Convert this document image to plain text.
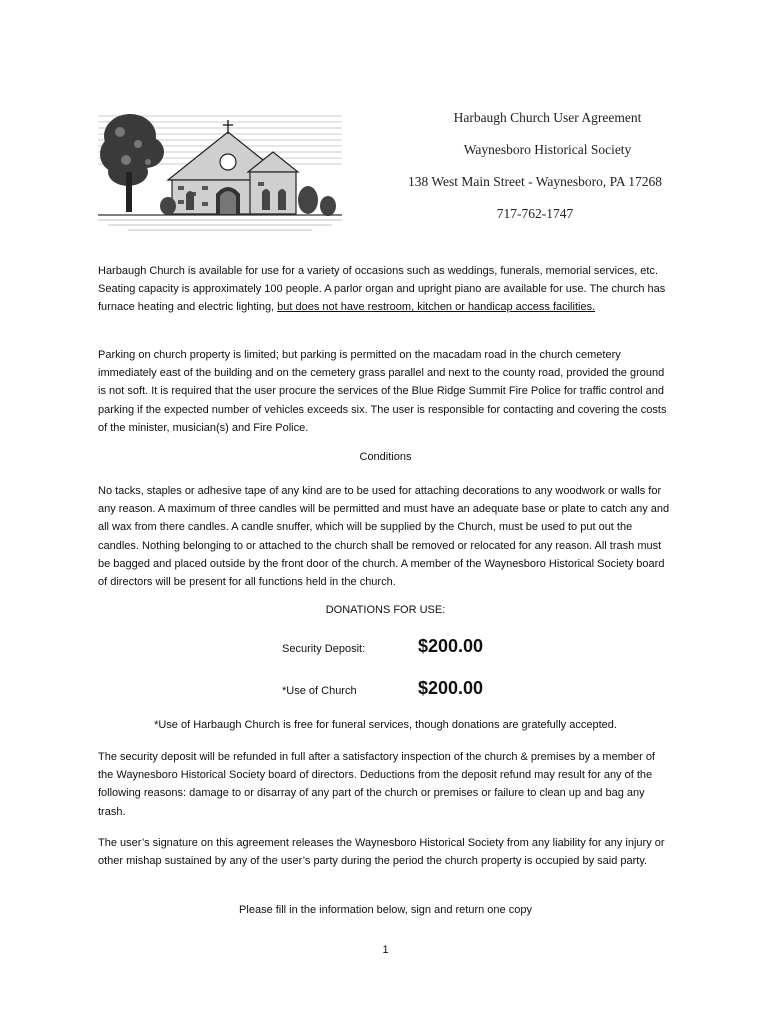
Harbaugh Church User Agreement
Waynesboro Historical Society
138 West Main Street - Waynesboro, PA 17268
717-762-1747
Harbaugh Church is available for use for a variety of occasions such as weddings, funerals, memorial services, etc. Seating capacity is approximately 100 people. A parlor organ and upright piano are available for use. The church has furnace heating and electric lighting, but does not have restroom, kitchen or handicap access facilities.
Parking on church property is limited; but parking is permitted on the macadam road in the church cemetery immediately east of the building and on the cemetery grass parallel and next to the county road, provided the ground is not soft. It is required that the user procure the services of the Blue Ridge Summit Fire Police for traffic control and parking if the expected number of vehicles exceeds six. The user is responsible for contacting and covering the costs of the minister, musician(s) and Fire Police.
Conditions
No tacks, staples or adhesive tape of any kind are to be used for attaching decorations to any woodwork or walls for any reason. A maximum of three candles will be permitted and must have an adequate base or plate to catch any and all wax from there candles. A candle snuffer, which will be supplied by the Church, must be used to put out the candles. Nothing belonging to or attached to the church shall be removed or relocated for any reason. All trash must be bagged and placed outside by the front door of the church. A member of the Waynesboro Historical Society board of directors will be present for all functions held in the church.
DONATIONS FOR USE:
Security Deposit:	$200.00
*Use of Church	$200.00
*Use of Harbaugh Church is free for funeral services, though donations are gratefully accepted.
The security deposit will be refunded in full after a satisfactory inspection of the church & premises by a member of the Waynesboro Historical Society board of directors. Deductions from the deposit refund may result for any of the following reasons: damage to or disarray of any part of the church or premises or failure to clean up and bag any trash.
The user’s signature on this agreement releases the Waynesboro Historical Society from any liability for any injury or other mishap sustained by any of the user’s party during the period the church property is occupied by said party.
Please fill in the information below, sign and return one copy
1
